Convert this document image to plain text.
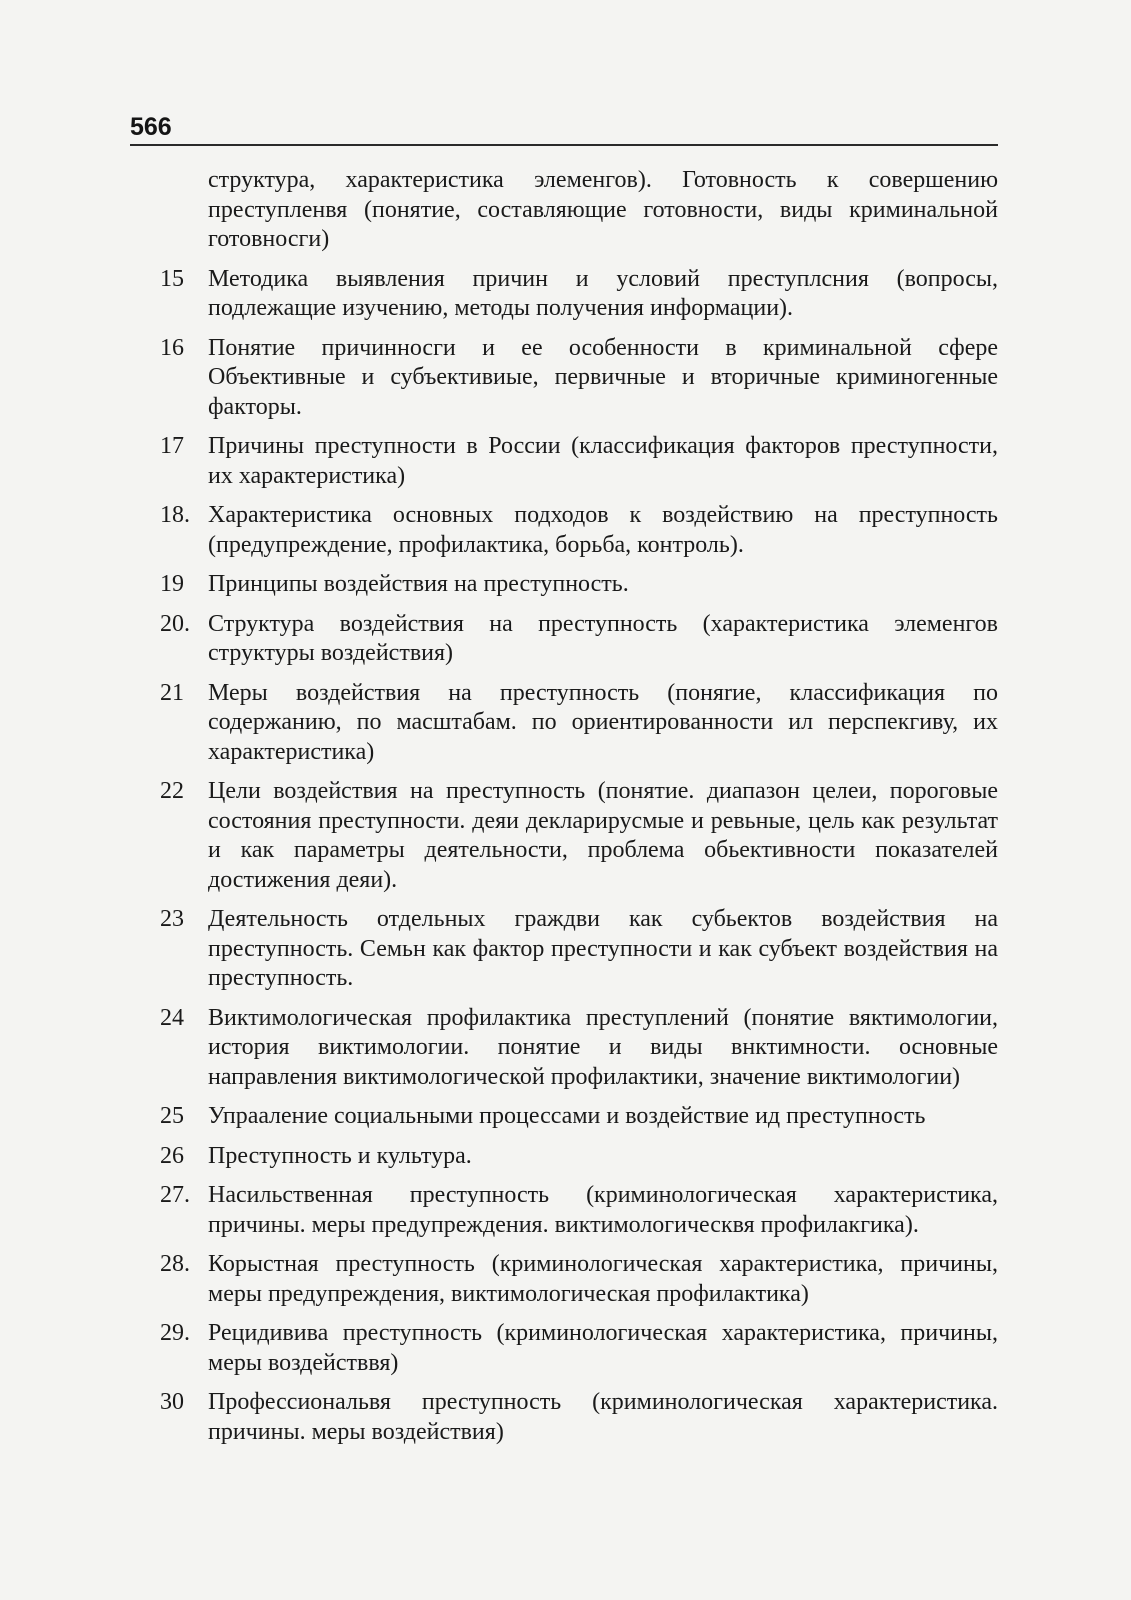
566
структура, характеристика элеменгов). Готовность к совершению преступленвя (понятие, составляющие готовности, виды криминальной готовносги)
15	Методика выявления причин и условий преступлсния (вопросы, подлежащие изучению, методы получения информации).
16	Понятие причинносги и ее особенности в криминальной сфере Объективные и субъективиые, первичные и вторичные криминогенные факторы.
17	Причины преступности в России (классификация факторов преступности, их характеристика)
18. Характеристика основных подходов к воздействию на преступность (предупреждение, профилактика, борьба, контроль).
19	Принципы воздействия на преступность.
20. Структура воздействия на преступность (характеристика элеменгов структуры воздействия)
21	Меры воздействия на преступность (поняrие, классификация по содержанию, по масштабам. по ориентированности ил перспекгиву, их характеристика)
22	Цели воздействия на преступность (понятие. диапазон целеи, пороговые состояния преступности. деяи декларирусмые и ревьные, цель как результат и как параметры деятельности, проблема обьективности показателей достижения деяи).
23	Деятельность отдельных граждви как субьектов воздействия на преступность. Семьн как фактор преступности и как субъект воздействия на преступность.
24	Виктимологическая профилактика преступлений (понятие вяктимологии, история виктимологии. понятие и виды внктимности. основные направления виктимологической профилактики, значение виктимологии)
25	Упраaление социальными процессами и воздействие ид преступность
26	Преступность и культура.
27. Насильственная преступность (криминологическая характеристика, причины. меры предупреждения. виктимологическвя профилакгика).
28. Корыстная преступность (криминологическая характеристика, причины, меры предупреждения, виктимологическая профилактика)
29. Рецидивива преступность (криминологическая характеристика, причины, меры воздействвя)
30	Профессиональвя преступность (криминологическая характеристика. причины. меры воздействия)
